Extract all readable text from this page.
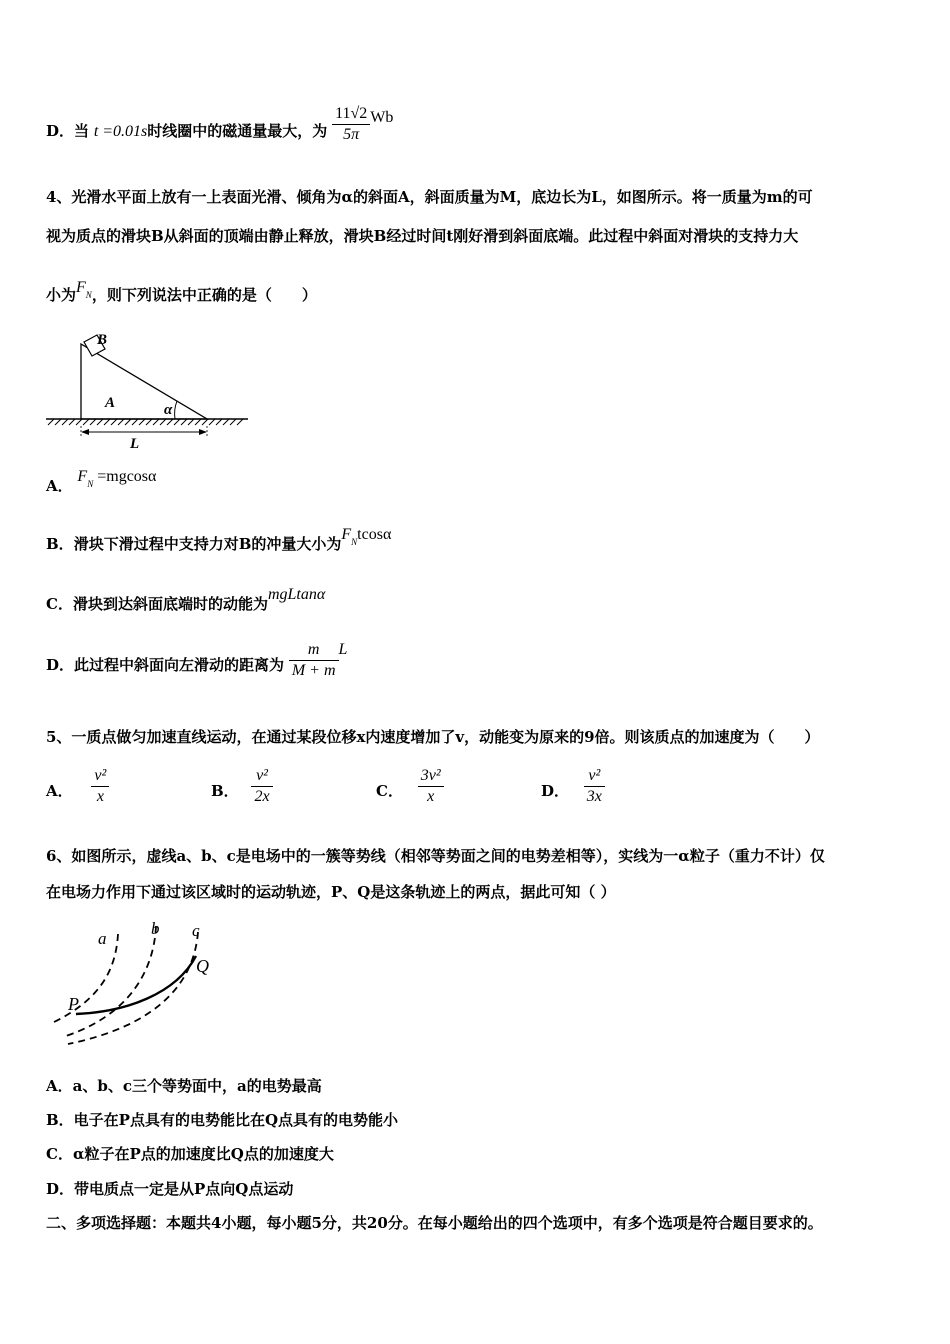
D．当 t =0.01s时线圈中的磁通量最大，为 $\frac{11√2}{5\pi}$ Wb
4、光滑水平面上放有一上表面光滑、倾角为α的斜面A，斜面质量为M，底边长为L，如图所示。将一质量为m的可
视为质点的滑块B从斜面的顶端由静止释放，滑块B经过时间t刚好滑到斜面底端。此过程中斜面对滑块的支持力大
小为$F_N$，则下列说法中正确的是（　　）
B
A	α
L
A． $F_N =mgcos\alpha$
B．滑块下滑过程中支持力对B的冲量大小为$F_Ntcos\alpha$
C．滑块到达斜面底端时的动能为mgLtanα
D．此过程中斜面向左滑动的距离为 $\frac{m}{M + m}$ L
5、一质点做匀加速直线运动，在通过某段位移x内速度增加了v，动能变为原来的9倍。则该质点的加速度为（　　）
A． $\frac{\text{v²}}{x}$	B． $\frac{\text{v²}}{2x}$	C． $\frac{\text{3v²}}{x}$	D． $\frac{\text{v²}}{3x}$
6、如图所示，虚线a、b、c是电场中的一簇等势线（相邻等势面之间的电势差相等），实线为一α粒子（重力不计）仅
在电场力作用下通过该区域时的运动轨迹，P、Q是这条轨迹上的两点，据此可知（ ）
a
b c
Q
P
A．a、b、c三个等势面中，a的电势最高
B．电子在P点具有的电势能比在Q点具有的电势能小
C．α粒子在P点的加速度比Q点的加速度大
D．带电质点一定是从P点向Q点运动
二、多项选择题：本题共4小题，每小题5分，共20分。在每小题给出的四个选项中，有多个选项是符合题目要求的。
